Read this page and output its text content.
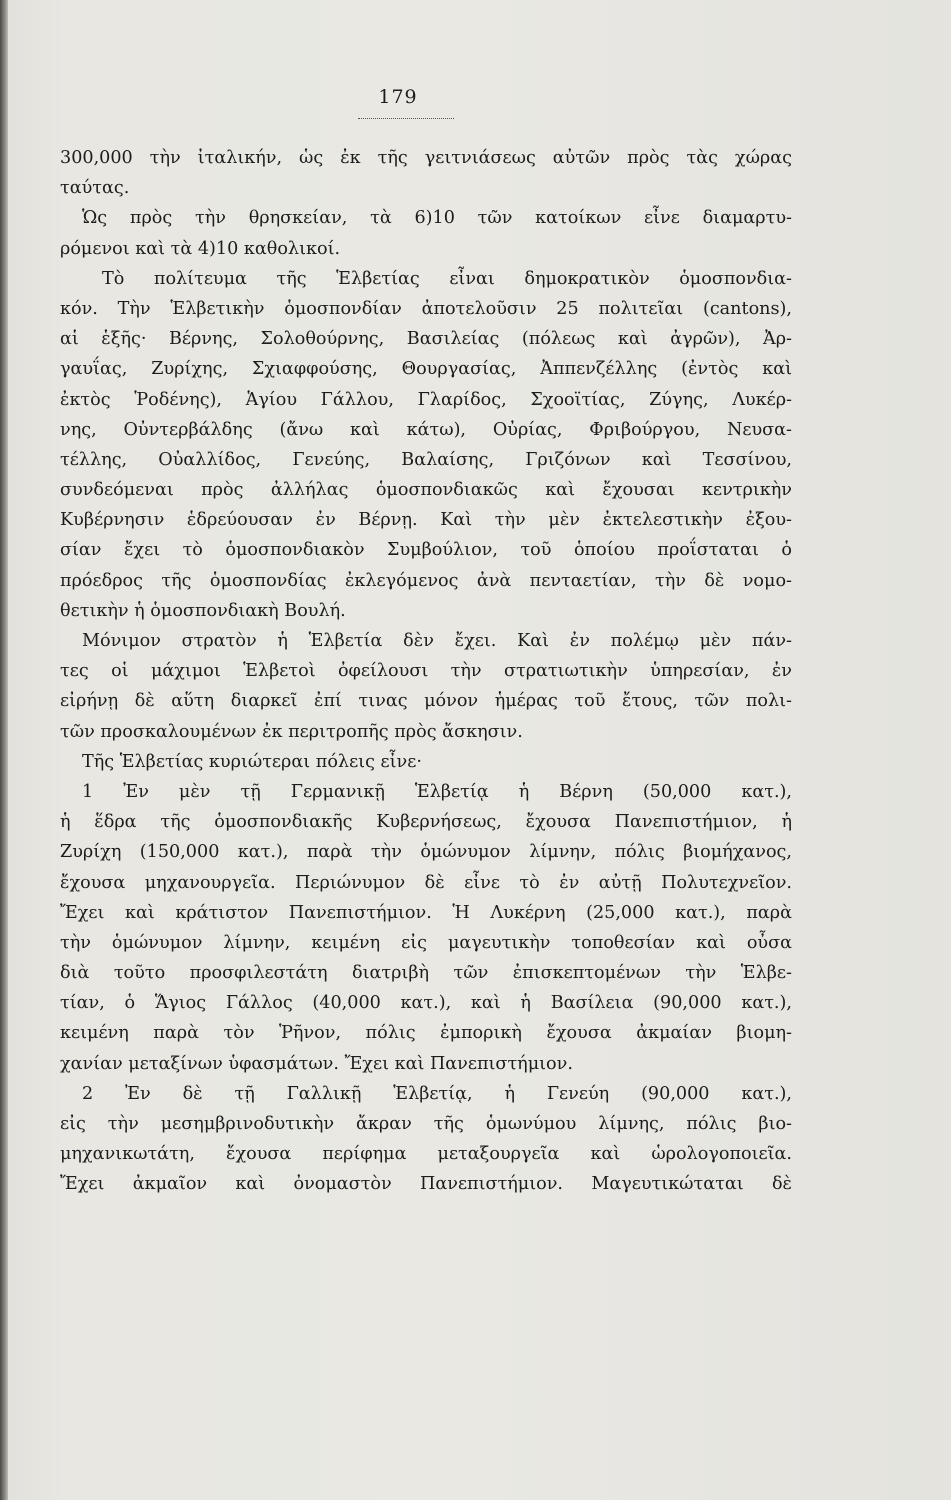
179
300,000 τὴν ἰταλικήν, ὡς ἐκ τῆς γειτνιάσεως αὐτῶν πρὸς τὰς χώρας
ταύτας.
Ὡς πρὸς τὴν θρησκείαν, τὰ 6)10 τῶν κατοίκων εἶνε διαμαρτυ-
ρόμενοι καὶ τὰ 4)10 καθολικοί.
Τὸ πολίτευμα τῆς Ἑλβετίας εἶναι δημοκρατικὸν ὁμοσπονδια-
κόν. Τὴν Ἑλβετικὴν ὁμοσπονδίαν ἀποτελοῦσιν 25 πολιτεῖαι (cantons),
αἱ ἑξῆς· Βέρνης, Σολοθούρνης, Βασιλείας (πόλεως καὶ ἀγρῶν), Ἀρ-
γαυΐας, Ζυρίχης, Σχιαφφούσης, Θουργασίας, Ἀππενζέλλης (ἐντὸς καὶ
ἐκτὸς Ῥοδένης), Ἁγίου Γάλλου, Γλαρίδος, Σχοοϊτίας, Ζύγης, Λυκέρ-
νης, Οὐντερβάλδης (ἄνω καὶ κάτω), Οὐρίας, Φριβούργου, Νευσα-
τέλλης, Οὐαλλίδος, Γενεύης, Βαλαίσης, Γριζόνων καὶ Τεσσίνου,
συνδεόμεναι πρὸς ἀλλήλας ὁμοσπονδιακῶς καὶ ἔχουσαι κεντρικὴν
Κυβέρνησιν ἑδρεύουσαν ἐν Βέρνῃ. Καὶ τὴν μὲν ἐκτελεστικὴν ἐξου-
σίαν ἔχει τὸ ὁμοσπονδιακὸν Συμβούλιον, τοῦ ὁποίου προΐσταται ὁ
πρόεδρος τῆς ὁμοσπονδίας ἐκλεγόμενος ἀνὰ πενταετίαν, τὴν δὲ νομο-
θετικὴν ἡ ὁμοσπονδιακὴ Βουλή.
Μόνιμον στρατὸν ἡ Ἑλβετία δὲν ἔχει. Καὶ ἐν πολέμῳ μὲν πάν-
τες οἱ μάχιμοι Ἑλβετοὶ ὀφείλουσι τὴν στρατιωτικὴν ὑπηρεσίαν, ἐν
εἰρήνῃ δὲ αὕτη διαρκεῖ ἐπί τινας μόνον ἡμέρας τοῦ ἔτους, τῶν πολι-
τῶν προσκαλουμένων ἐκ περιτροπῆς πρὸς ἄσκησιν.
Τῆς Ἑλβετίας κυριώτεραι πόλεις εἶνε·
1 Ἐν μὲν τῇ Γερμανικῇ Ἑλβετίᾳ ἡ Βέρνη (50,000 κατ.),
ἡ ἕδρα τῆς ὁμοσπονδιακῆς Κυβερνήσεως, ἔχουσα Πανεπιστήμιον, ἡ
Ζυρίχη (150,000 κατ.), παρὰ τὴν ὁμώνυμον λίμνην, πόλις βιομήχανος,
ἔχουσα μηχανουργεῖα. Περιώνυμον δὲ εἶνε τὸ ἐν αὐτῇ Πολυτεχνεῖον.
Ἔχει καὶ κράτιστον Πανεπιστήμιον. Ἡ Λυκέρνη (25,000 κατ.), παρὰ
τὴν ὁμώνυμον λίμνην, κειμένη εἰς μαγευτικὴν τοποθεσίαν καὶ οὖσα
διὰ τοῦτο προσφιλεστάτη διατριβὴ τῶν ἐπισκεπτομένων τὴν Ἑλβε-
τίαν, ὁ Ἅγιος Γάλλος (40,000 κατ.), καὶ ἡ Βασίλεια (90,000 κατ.),
κειμένη παρὰ τὸν Ῥῆνον, πόλις ἐμπορικὴ ἔχουσα ἀκμαίαν βιομη-
χανίαν μεταξίνων ὑφασμάτων. Ἔχει καὶ Πανεπιστήμιον.
2 Ἐν δὲ τῇ Γαλλικῇ Ἑλβετίᾳ, ἡ Γενεύη (90,000 κατ.),
εἰς τὴν μεσημβρινοδυτικὴν ἄκραν τῆς ὁμωνύμου λίμνης, πόλις βιο-
μηχανικωτάτη, ἔχουσα περίφημα μεταξουργεῖα καὶ ὡρολογοποιεῖα.
Ἔχει ἀκμαῖον καὶ ὀνομαστὸν Πανεπιστήμιον. Μαγευτικώταται δὲ
